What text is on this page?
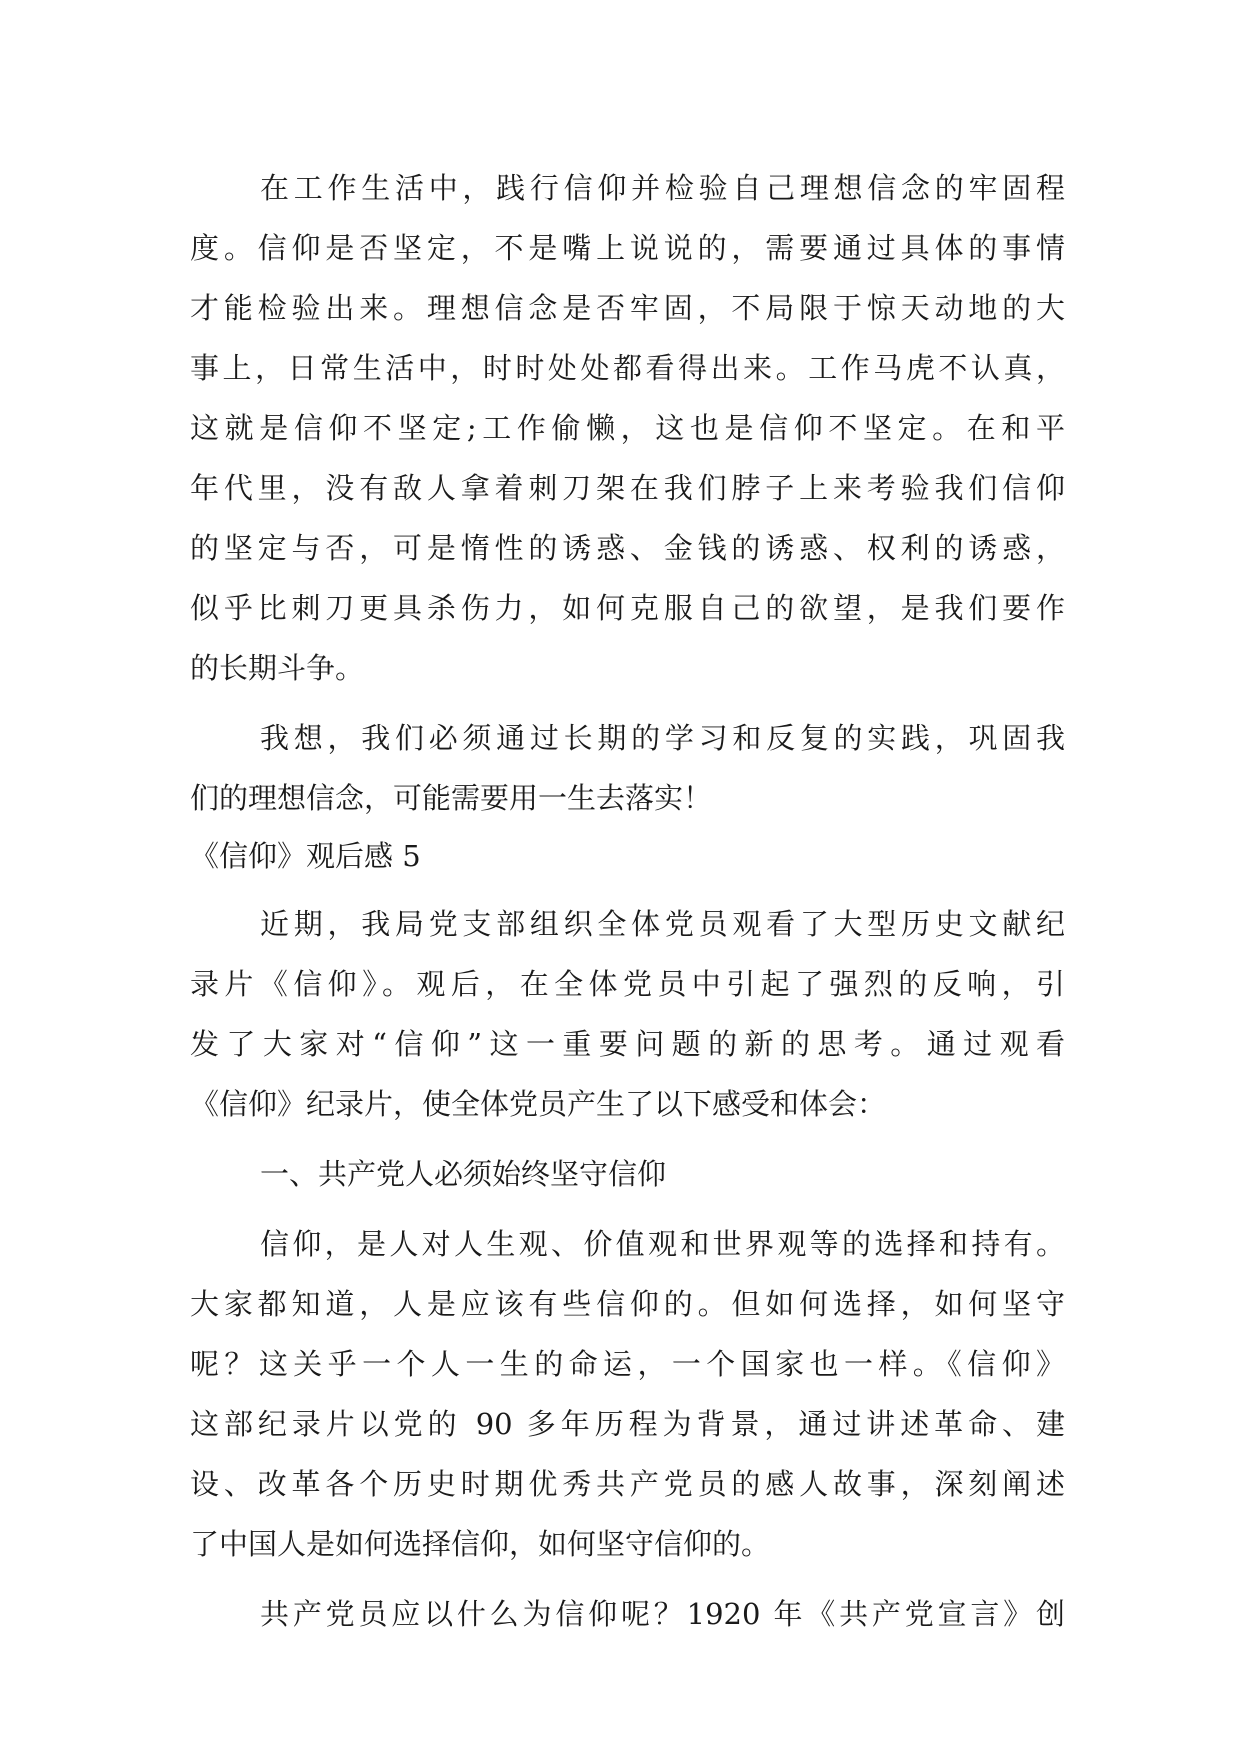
在工作生活中，践行信仰并检验自己理想信念的牢固程
度。信仰是否坚定，不是嘴上说说的，需要通过具体的事情
才能检验出来。理想信念是否牢固，不局限于惊天动地的大
事上，日常生活中，时时处处都看得出来。工作马虎不认真，
这就是信仰不坚定;工作偷懒，这也是信仰不坚定。在和平
年代里，没有敌人拿着刺刀架在我们脖子上来考验我们信仰
的坚定与否，可是惰性的诱惑、金钱的诱惑、权利的诱惑，
似乎比刺刀更具杀伤力，如何克服自己的欲望，是我们要作
的长期斗争。
我想，我们必须通过长期的学习和反复的实践，巩固我
们的理想信念，可能需要用一生去落实！
《信仰》观后感 5
近期，我局党支部组织全体党员观看了大型历史文献纪
录片《信仰》。观后，在全体党员中引起了强烈的反响，引
发了大家对“信仰”这一重要问题的新的思考。通过观看
《信仰》纪录片，使全体党员产生了以下感受和体会：
一、共产党人必须始终坚守信仰
信仰，是人对人生观、价值观和世界观等的选择和持有。
大家都知道，人是应该有些信仰的。但如何选择，如何坚守
呢？这关乎一个人一生的命运，一个国家也一样。《信仰》
这部纪录片以党的 90 多年历程为背景，通过讲述革命、建
设、改革各个历史时期优秀共产党员的感人故事，深刻阐述
了中国人是如何选择信仰，如何坚守信仰的。
共产党员应以什么为信仰呢？1920 年《共产党宣言》创
